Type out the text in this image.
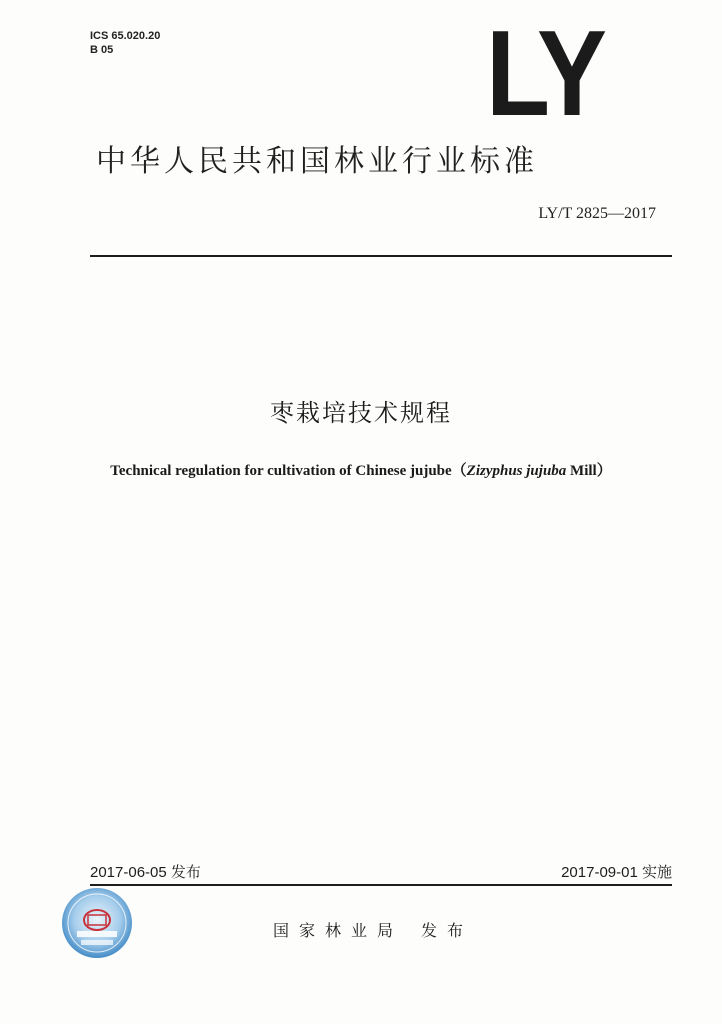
ICS 65.020.20
B 05	LY
中华人民共和国林业行业标准
LY/T 2825—2017
枣栽培技术规程
Technical regulation for cultivation of Chinese jujube（Zizyphus jujuba Mill）
2017-06-05 发布	2017-09-01 实施
国家林业局 发布
